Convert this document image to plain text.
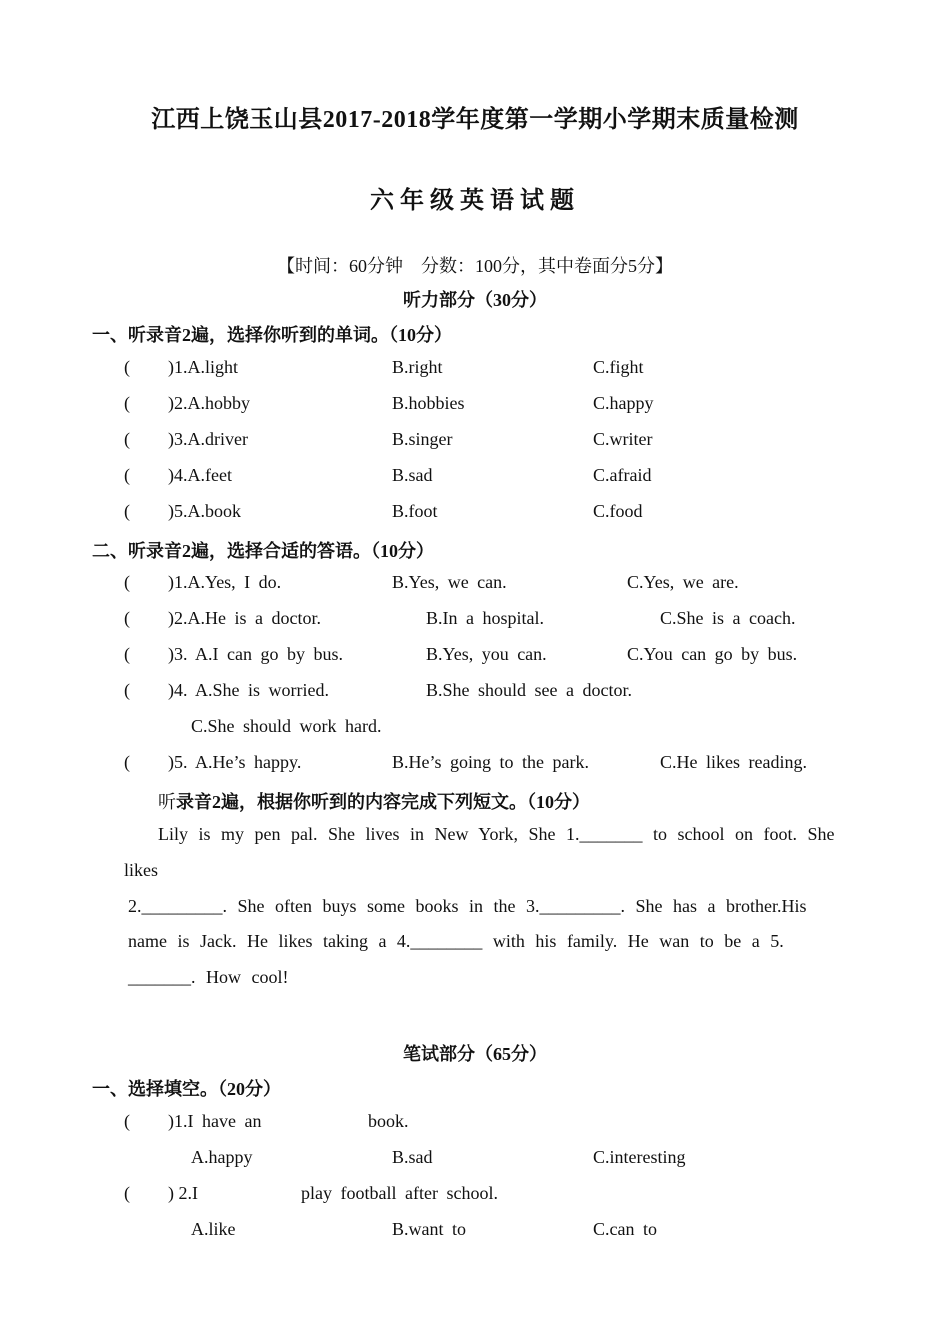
江西上饶玉山县2017-2018学年度第一学期小学期末质量检测
六年级英语试题
【时间：60分钟　分数：100分，其中卷面分5分】
听力部分（30分）
一、听录音2遍，选择你听到的单词。（10分）
( )1.A.light	B.right	C.fight
( )2.A.hobby	B.hobbies	C.happy
( )3.A.driver	B.singer	C.writer
( )4.A.feet	B.sad	C.afraid
( )5.A.book	B.foot	C.food
二、听录音2遍，选择合适的答语。（10分）
( )1.A.Yes, I do.	B.Yes, we can.	C.Yes, we are.
( )2.A.He is a doctor.	B.In a hospital.	C.She is a coach.
( )3. A.I can go by bus.	B.Yes, you can.	C.You can go by bus.
( )4. A.She is worried.	B.She should see a doctor.
C.She should work hard.
( )5. A.He’s happy.	B.He’s going to the park.	C.He likes reading.
听录音2遍，根据你听到的内容完成下列短文。（10分）
Lily is my pen pal. She lives in New York, She 1._______ to school on foot. She
likes
2._________. She often buys some books in the 3._________. She has a brother.His
name is Jack. He likes taking a 4.________ with his family. He wan to be a 5.
_______. How cool!
笔试部分（65分）
一、选择填空。（20分）
( )1.I have an	book.
A.happy	B.sad	C.interesting
( ) 2.I	play football after school.
A.like	B.want to	C.can to
